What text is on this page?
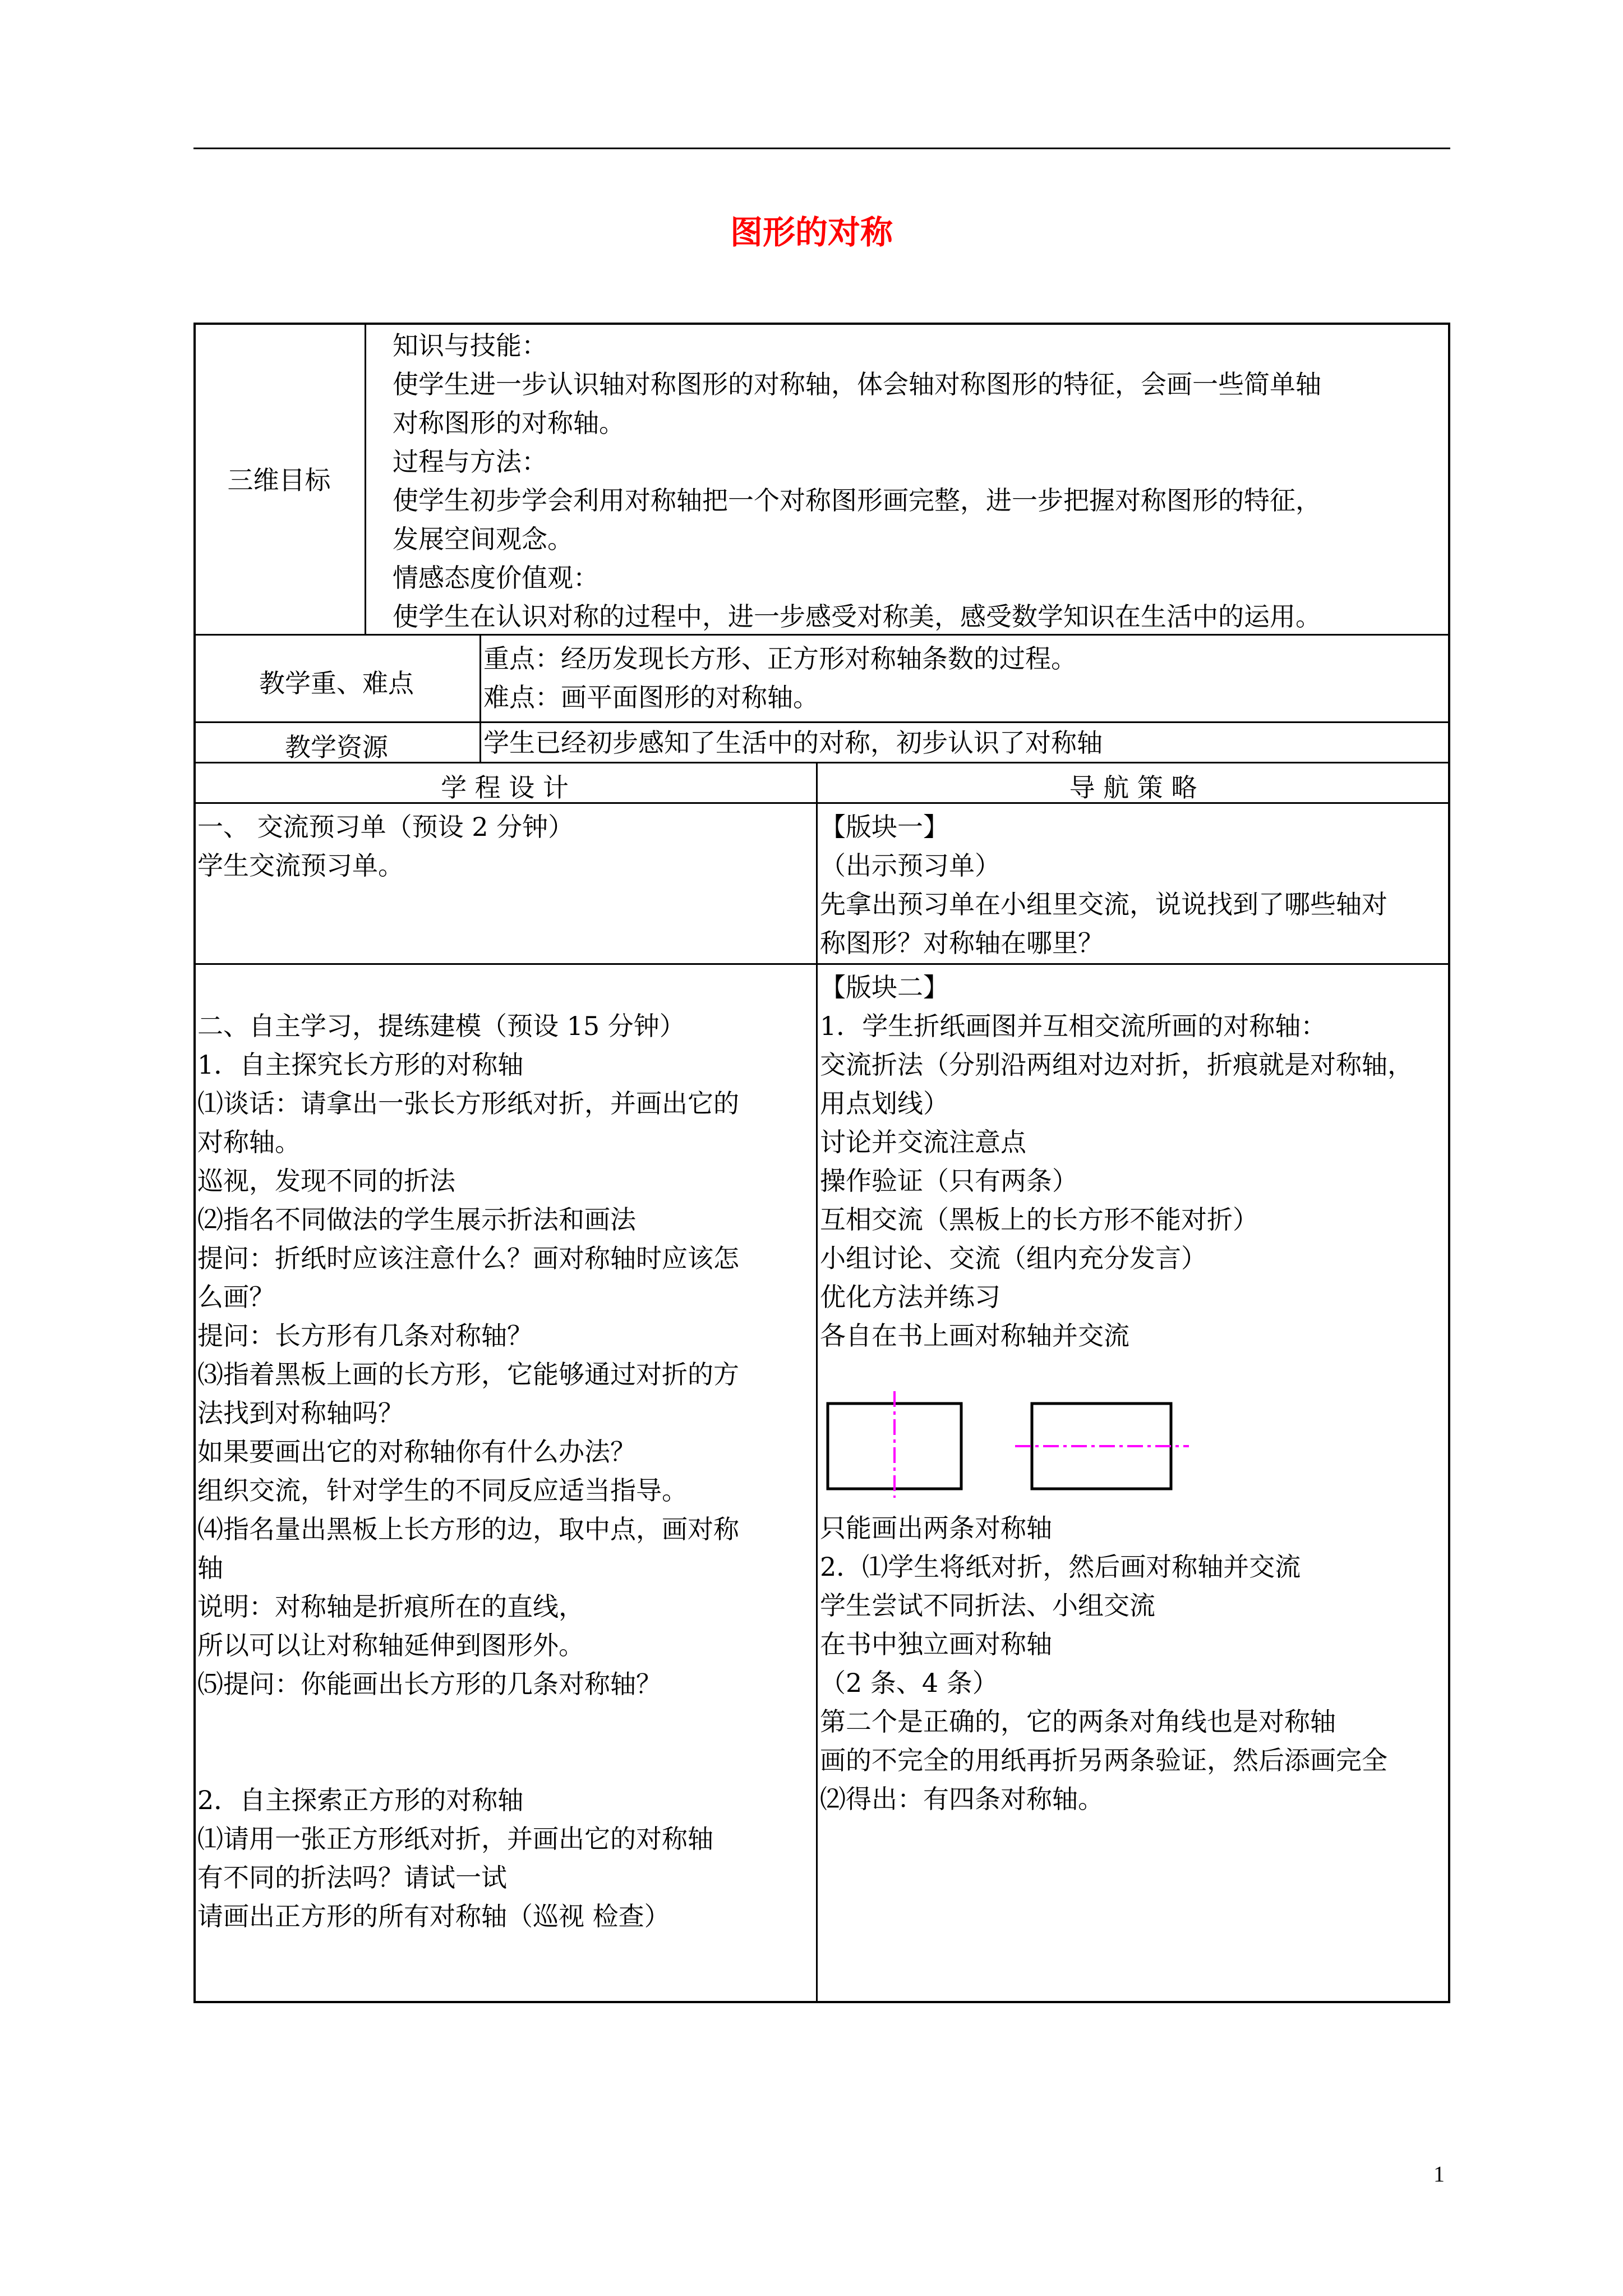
图形的对称
三维目标
知识与技能：
使学生进一步认识轴对称图形的对称轴，体会轴对称图形的特征，会画一些简单轴
对称图形的对称轴。
过程与方法：
使学生初步学会利用对称轴把一个对称图形画完整，进一步把握对称图形的特征，
发展空间观念。
情感态度价值观：
使学生在认识对称的过程中，进一步感受对称美，感受数学知识在生活中的运用。
教学重、难点
重点：经历发现长方形、正方形对称轴条数的过程。
难点：画平面图形的对称轴。
教学资源	学生已经初步感知了生活中的对称，初步认识了对称轴
学 程 设 计	导 航 策 略
一、 交流预习单（预设 2 分钟）
学生交流预习单。
【版块一】
（出示预习单）
先拿出预习单在小组里交流，说说找到了哪些轴对
称图形？对称轴在哪里？

二、自主学习，提练建模（预设 15 分钟）
1．自主探究长方形的对称轴
⑴谈话：请拿出一张长方形纸对折，并画出它的
对称轴。
巡视，发现不同的折法
⑵指名不同做法的学生展示折法和画法
提问：折纸时应该注意什么？画对称轴时应该怎
么画？
提问：长方形有几条对称轴？
⑶指着黑板上画的长方形，它能够通过对折的方
法找到对称轴吗？
如果要画出它的对称轴你有什么办法？
组织交流，针对学生的不同反应适当指导。
⑷指名量出黑板上长方形的边，取中点，画对称
轴
说明：对称轴是折痕所在的直线，
所以可以让对称轴延伸到图形外。
⑸提问：你能画出长方形的几条对称轴？

2．自主探索正方形的对称轴
⑴请用一张正方形纸对折，并画出它的对称轴
有不同的折法吗？请试一试
请画出正方形的所有对称轴（巡视 检查）
【版块二】
1．学生折纸画图并互相交流所画的对称轴：
交流折法（分别沿两组对边对折，折痕就是对称轴，
用点划线）
讨论并交流注意点
操作验证（只有两条）
互相交流（黑板上的长方形不能对折）
小组讨论、交流（组内充分发言）
优化方法并练习
各自在书上画对称轴并交流
只能画出两条对称轴
2．⑴学生将纸对折，然后画对称轴并交流
学生尝试不同折法、小组交流
在书中独立画对称轴
（2 条、4 条）
第二个是正确的，它的两条对角线也是对称轴
画的不完全的用纸再折另两条验证，然后添画完全
⑵得出：有四条对称轴。
1
